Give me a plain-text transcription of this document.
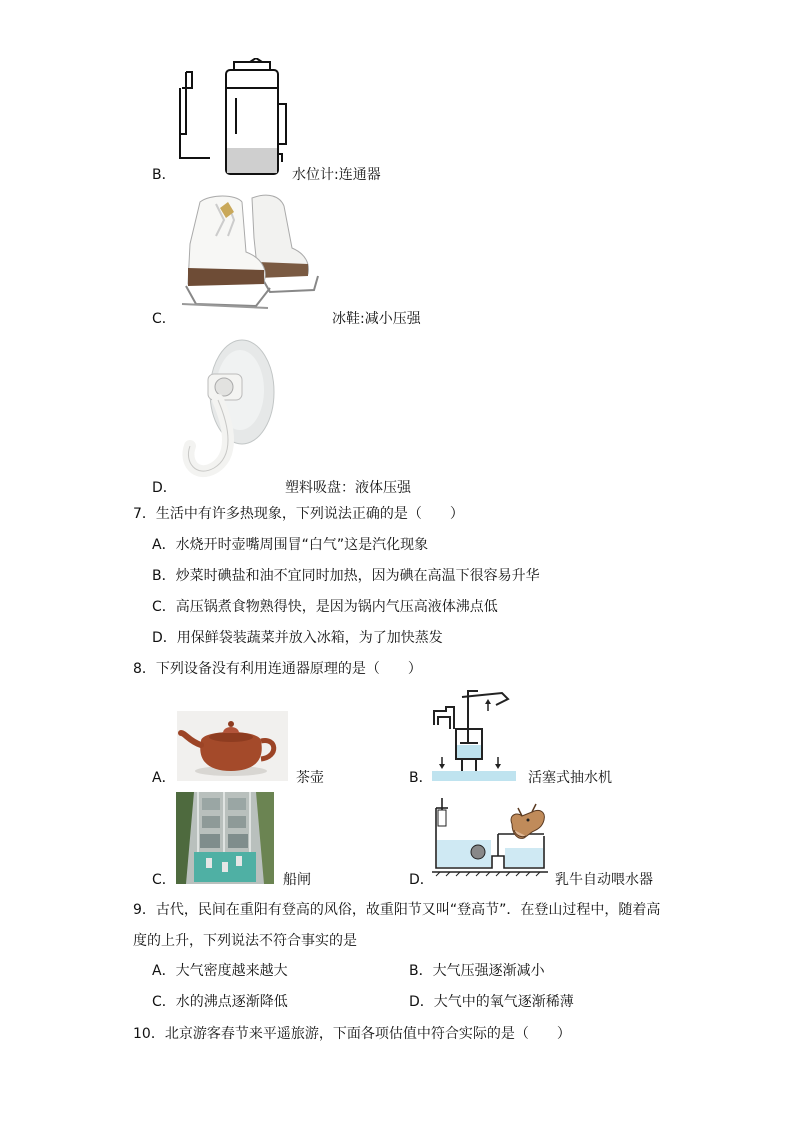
B．	水位计:连通器
C．	冰鞋:减小压强
D．	塑料吸盘：液体压强
7．生活中有许多热现象，下列说法正确的是（　　）
A．水烧开时壶嘴周围冒“白气”这是汽化现象
B．炒菜时碘盐和油不宜同时加热，因为碘在高温下很容易升华
C．高压锅煮食物熟得快，是因为锅内气压高液体沸点低
D．用保鲜袋装蔬菜并放入冰箱，为了加快蒸发
8．下列设备没有利用连通器原理的是（　　）
A．	茶壶	B．	活塞式抽水机
C．	船闸	D．	乳牛自动喂水器
9．古代，民间在重阳有登高的风俗，故重阳节又叫“登高节”．在登山过程中，随着高
度的上升，下列说法不符合事实的是
A．大气密度越来越大	B．大气压强逐渐减小
C．水的沸点逐渐降低	D．大气中的氧气逐渐稀薄
10．北京游客春节来平遥旅游，下面各项估值中符合实际的是（　　）
